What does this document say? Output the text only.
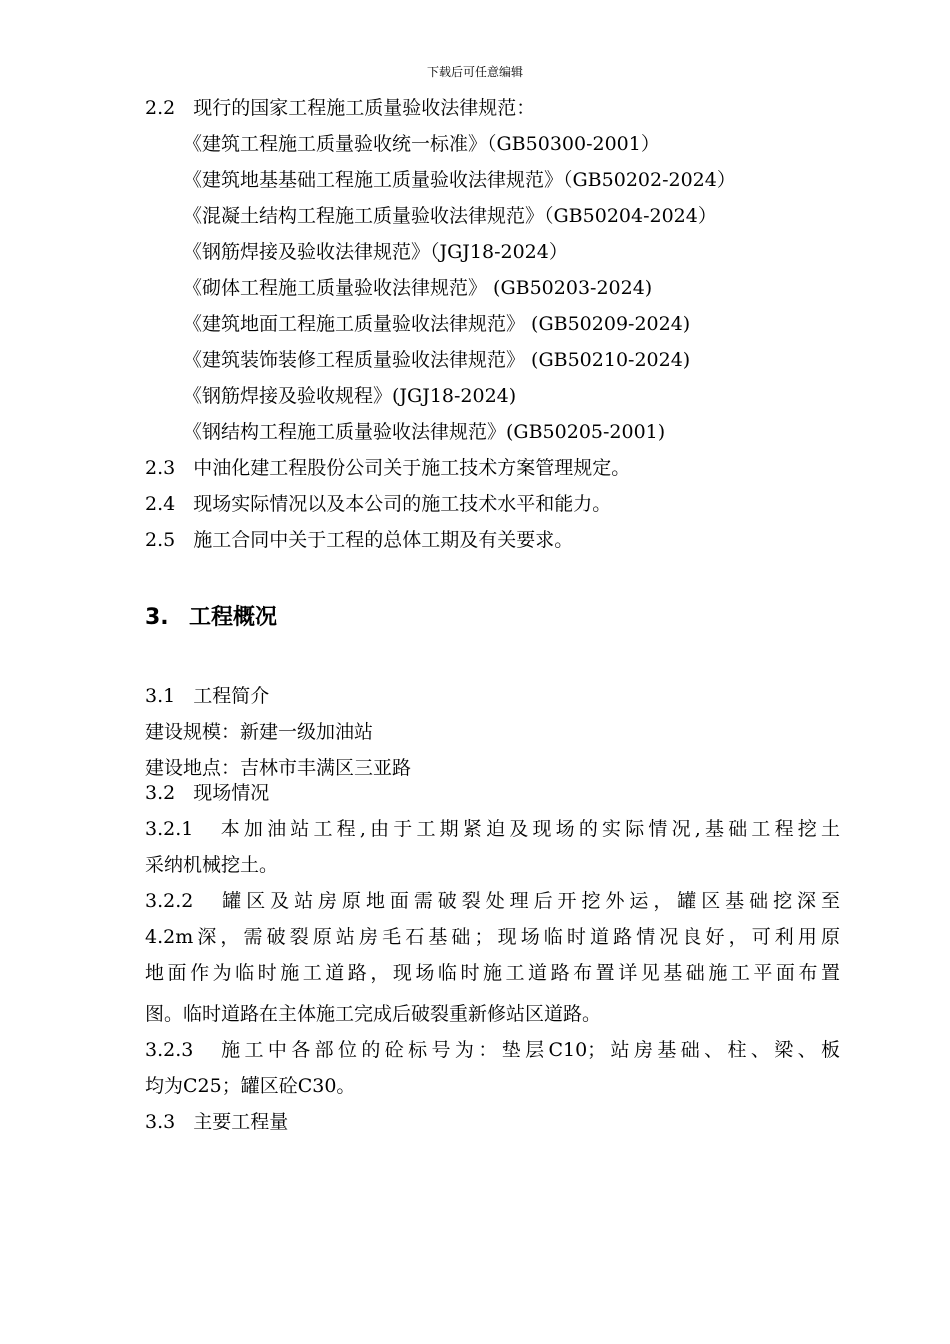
下载后可任意编辑
2.2 现行的国家工程施工质量验收法律规范：
《建筑工程施工质量验收统一标准》（GB50300-2001）
《建筑地基基础工程施工质量验收法律规范》（GB50202-2024）
《混凝土结构工程施工质量验收法律规范》（GB50204-2024）
《钢筋焊接及验收法律规范》（JGJ18-2024）
《砌体工程施工质量验收法律规范》 (GB50203-2024)
《建筑地面工程施工质量验收法律规范》 (GB50209-2024)
《建筑装饰装修工程质量验收法律规范》 (GB50210-2024)
《钢筋焊接及验收规程》(JGJ18-2024)
《钢结构工程施工质量验收法律规范》(GB50205-2001)
2.3 中油化建工程股份公司关于施工技术方案管理规定。
2.4 现场实际情况以及本公司的施工技术水平和能力。
2.5 施工合同中关于工程的总体工期及有关要求。
3. 工程概况
3.1 工程简介
建设规模：新建一级加油站
建设地点：吉林市丰满区三亚路
3.2 现场情况
3.2.1　本加油站工程,由于工期紧迫及现场的实际情况,基础工程挖土
采纳机械挖土。
3.2.2　罐区及站房原地面需破裂处理后开挖外运，罐区基础挖深至
4.2m深，需破裂原站房毛石基础；现场临时道路情况良好，可利用原
地面作为临时施工道路，现场临时施工道路布置详见基础施工平面布置
图。临时道路在主体施工完成后破裂重新修站区道路。
3.2.3　施工中各部位的砼标号为：垫层C10；站房基础、柱、梁、板
均为C25；罐区砼C30。
3.3 主要工程量
